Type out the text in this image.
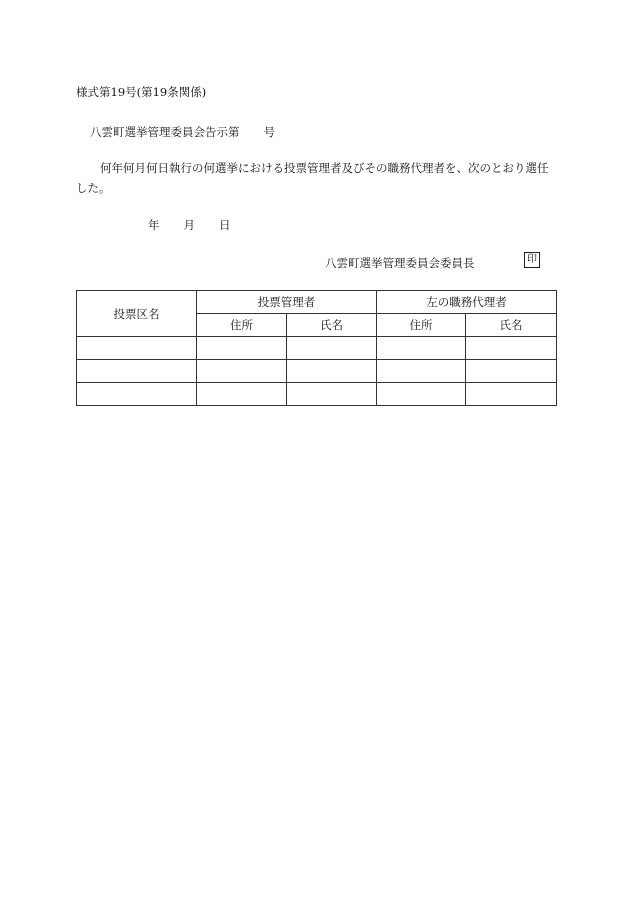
様式第19号(第19条関係)
八雲町選挙管理委員会告示第 号
何年何月何日執行の何選挙における投票管理者及びその職務代理者を、次のとおり選任した。
年 月 日
八雲町選挙管理委員会委員長	印
投票区名	投票管理者		左の職務代理者	
	住所	氏名	住所	氏名
